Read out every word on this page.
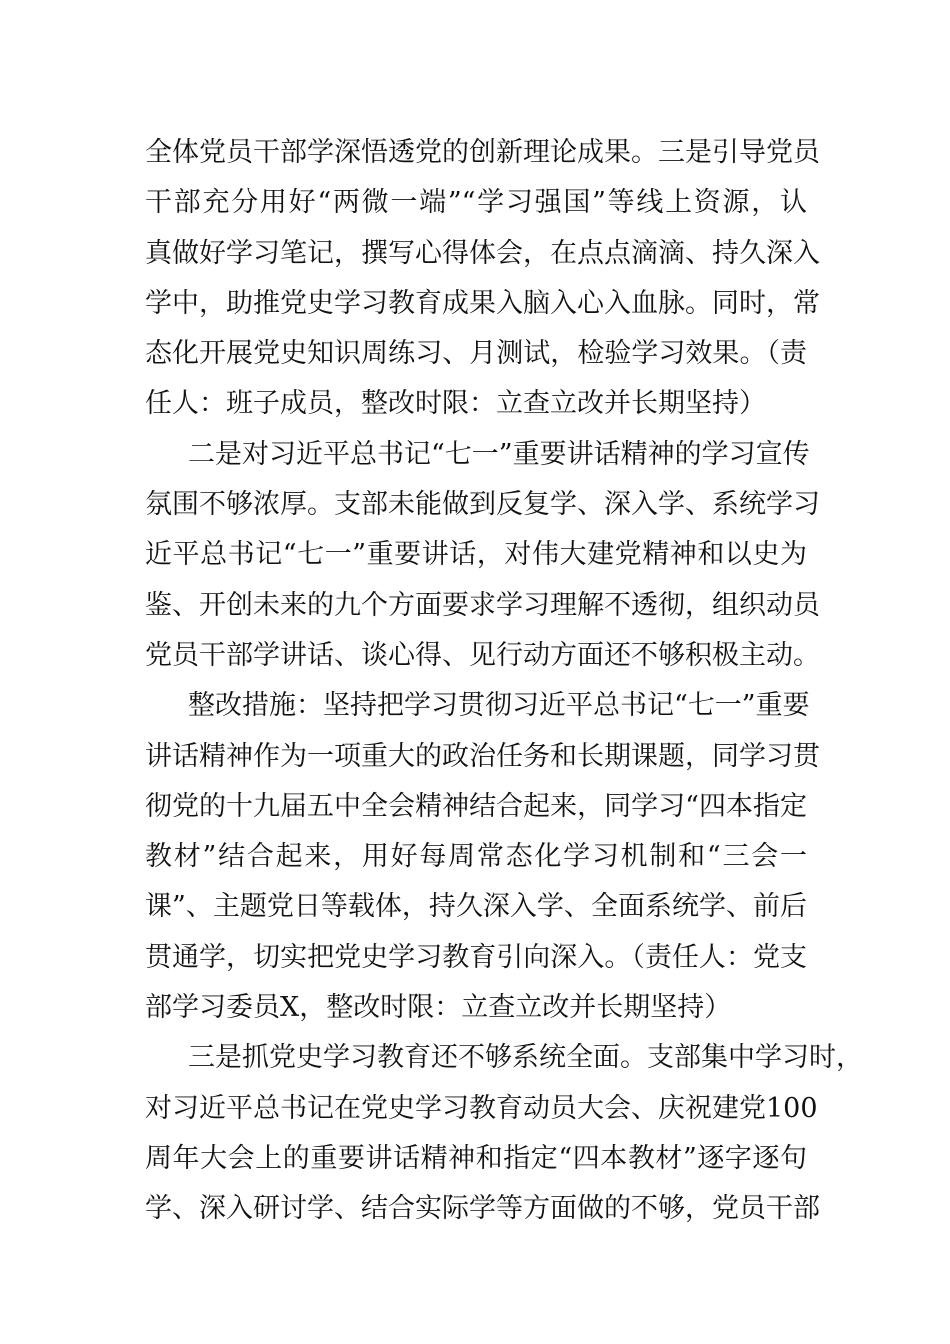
全体党员干部学深悟透党的创新理论成果。三是引导党员
干部充分用好“两微一端”“学习强国”等线上资源，认
真做好学习笔记，撰写心得体会，在点点滴滴、持久深入
学中，助推党史学习教育成果入脑入心入血脉。同时，常
态化开展党史知识周练习、月测试，检验学习效果。（责
任人：班子成员，整改时限：立查立改并长期坚持）
二是对习近平总书记“七一”重要讲话精神的学习宣传
氛围不够浓厚。支部未能做到反复学、深入学、系统学习
近平总书记“七一”重要讲话，对伟大建党精神和以史为
鉴、开创未来的九个方面要求学习理解不透彻，组织动员
党员干部学讲话、谈心得、见行动方面还不够积极主动。
整改措施：坚持把学习贯彻习近平总书记“七一”重要
讲话精神作为一项重大的政治任务和长期课题，同学习贯
彻党的十九届五中全会精神结合起来，同学习“四本指定
教材”结合起来，用好每周常态化学习机制和“三会一
课”、主题党日等载体，持久深入学、全面系统学、前后
贯通学，切实把党史学习教育引向深入。（责任人：党支
部学习委员X，整改时限：立查立改并长期坚持）
三是抓党史学习教育还不够系统全面。支部集中学习时，
对习近平总书记在党史学习教育动员大会、庆祝建党100
周年大会上的重要讲话精神和指定“四本教材”逐字逐句
学、深入研讨学、结合实际学等方面做的不够，党员干部
